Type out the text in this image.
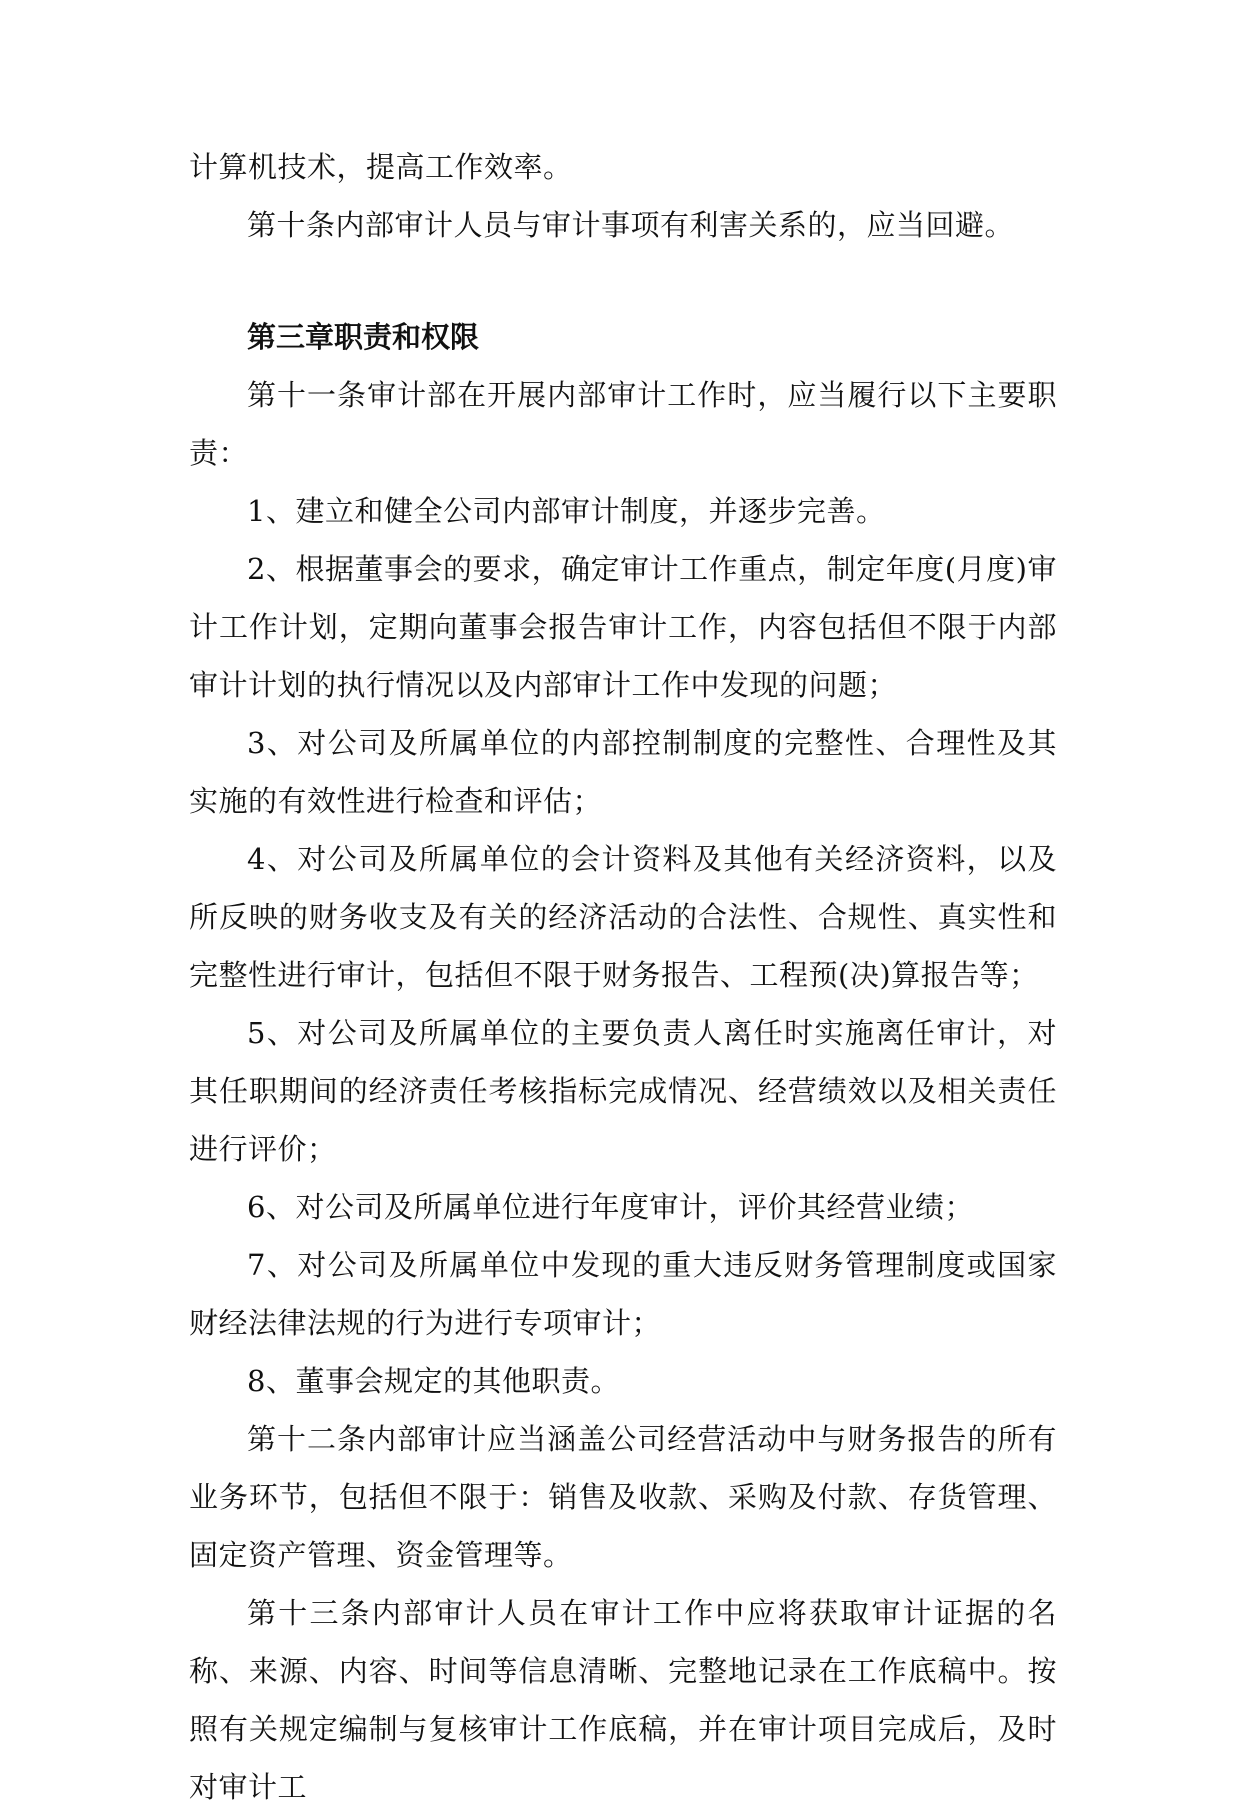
计算机技术，提高工作效率。

第十条内部审计人员与审计事项有利害关系的，应当回避。

第三章职责和权限

第十一条审计部在开展内部审计工作时，应当履行以下主要职责：

1、建立和健全公司内部审计制度，并逐步完善。

2、根据董事会的要求，确定审计工作重点，制定年度(月度)审计工作计划，定期向董事会报告审计工作，内容包括但不限于内部审计计划的执行情况以及内部审计工作中发现的问题；

3、对公司及所属单位的内部控制制度的完整性、合理性及其实施的有效性进行检查和评估；

4、对公司及所属单位的会计资料及其他有关经济资料，以及所反映的财务收支及有关的经济活动的合法性、合规性、真实性和完整性进行审计，包括但不限于财务报告、工程预(决)算报告等；

5、对公司及所属单位的主要负责人离任时实施离任审计，对其任职期间的经济责任考核指标完成情况、经营绩效以及相关责任进行评价；

6、对公司及所属单位进行年度审计，评价其经营业绩；

7、对公司及所属单位中发现的重大违反财务管理制度或国家财经法律法规的行为进行专项审计；

8、董事会规定的其他职责。

第十二条内部审计应当涵盖公司经营活动中与财务报告的所有业务环节，包括但不限于：销售及收款、采购及付款、存货管理、固定资产管理、资金管理等。

第十三条内部审计人员在审计工作中应将获取审计证据的名称、来源、内容、时间等信息清晰、完整地记录在工作底稿中。按照有关规定编制与复核审计工作底稿，并在审计项目完成后，及时对审计工
